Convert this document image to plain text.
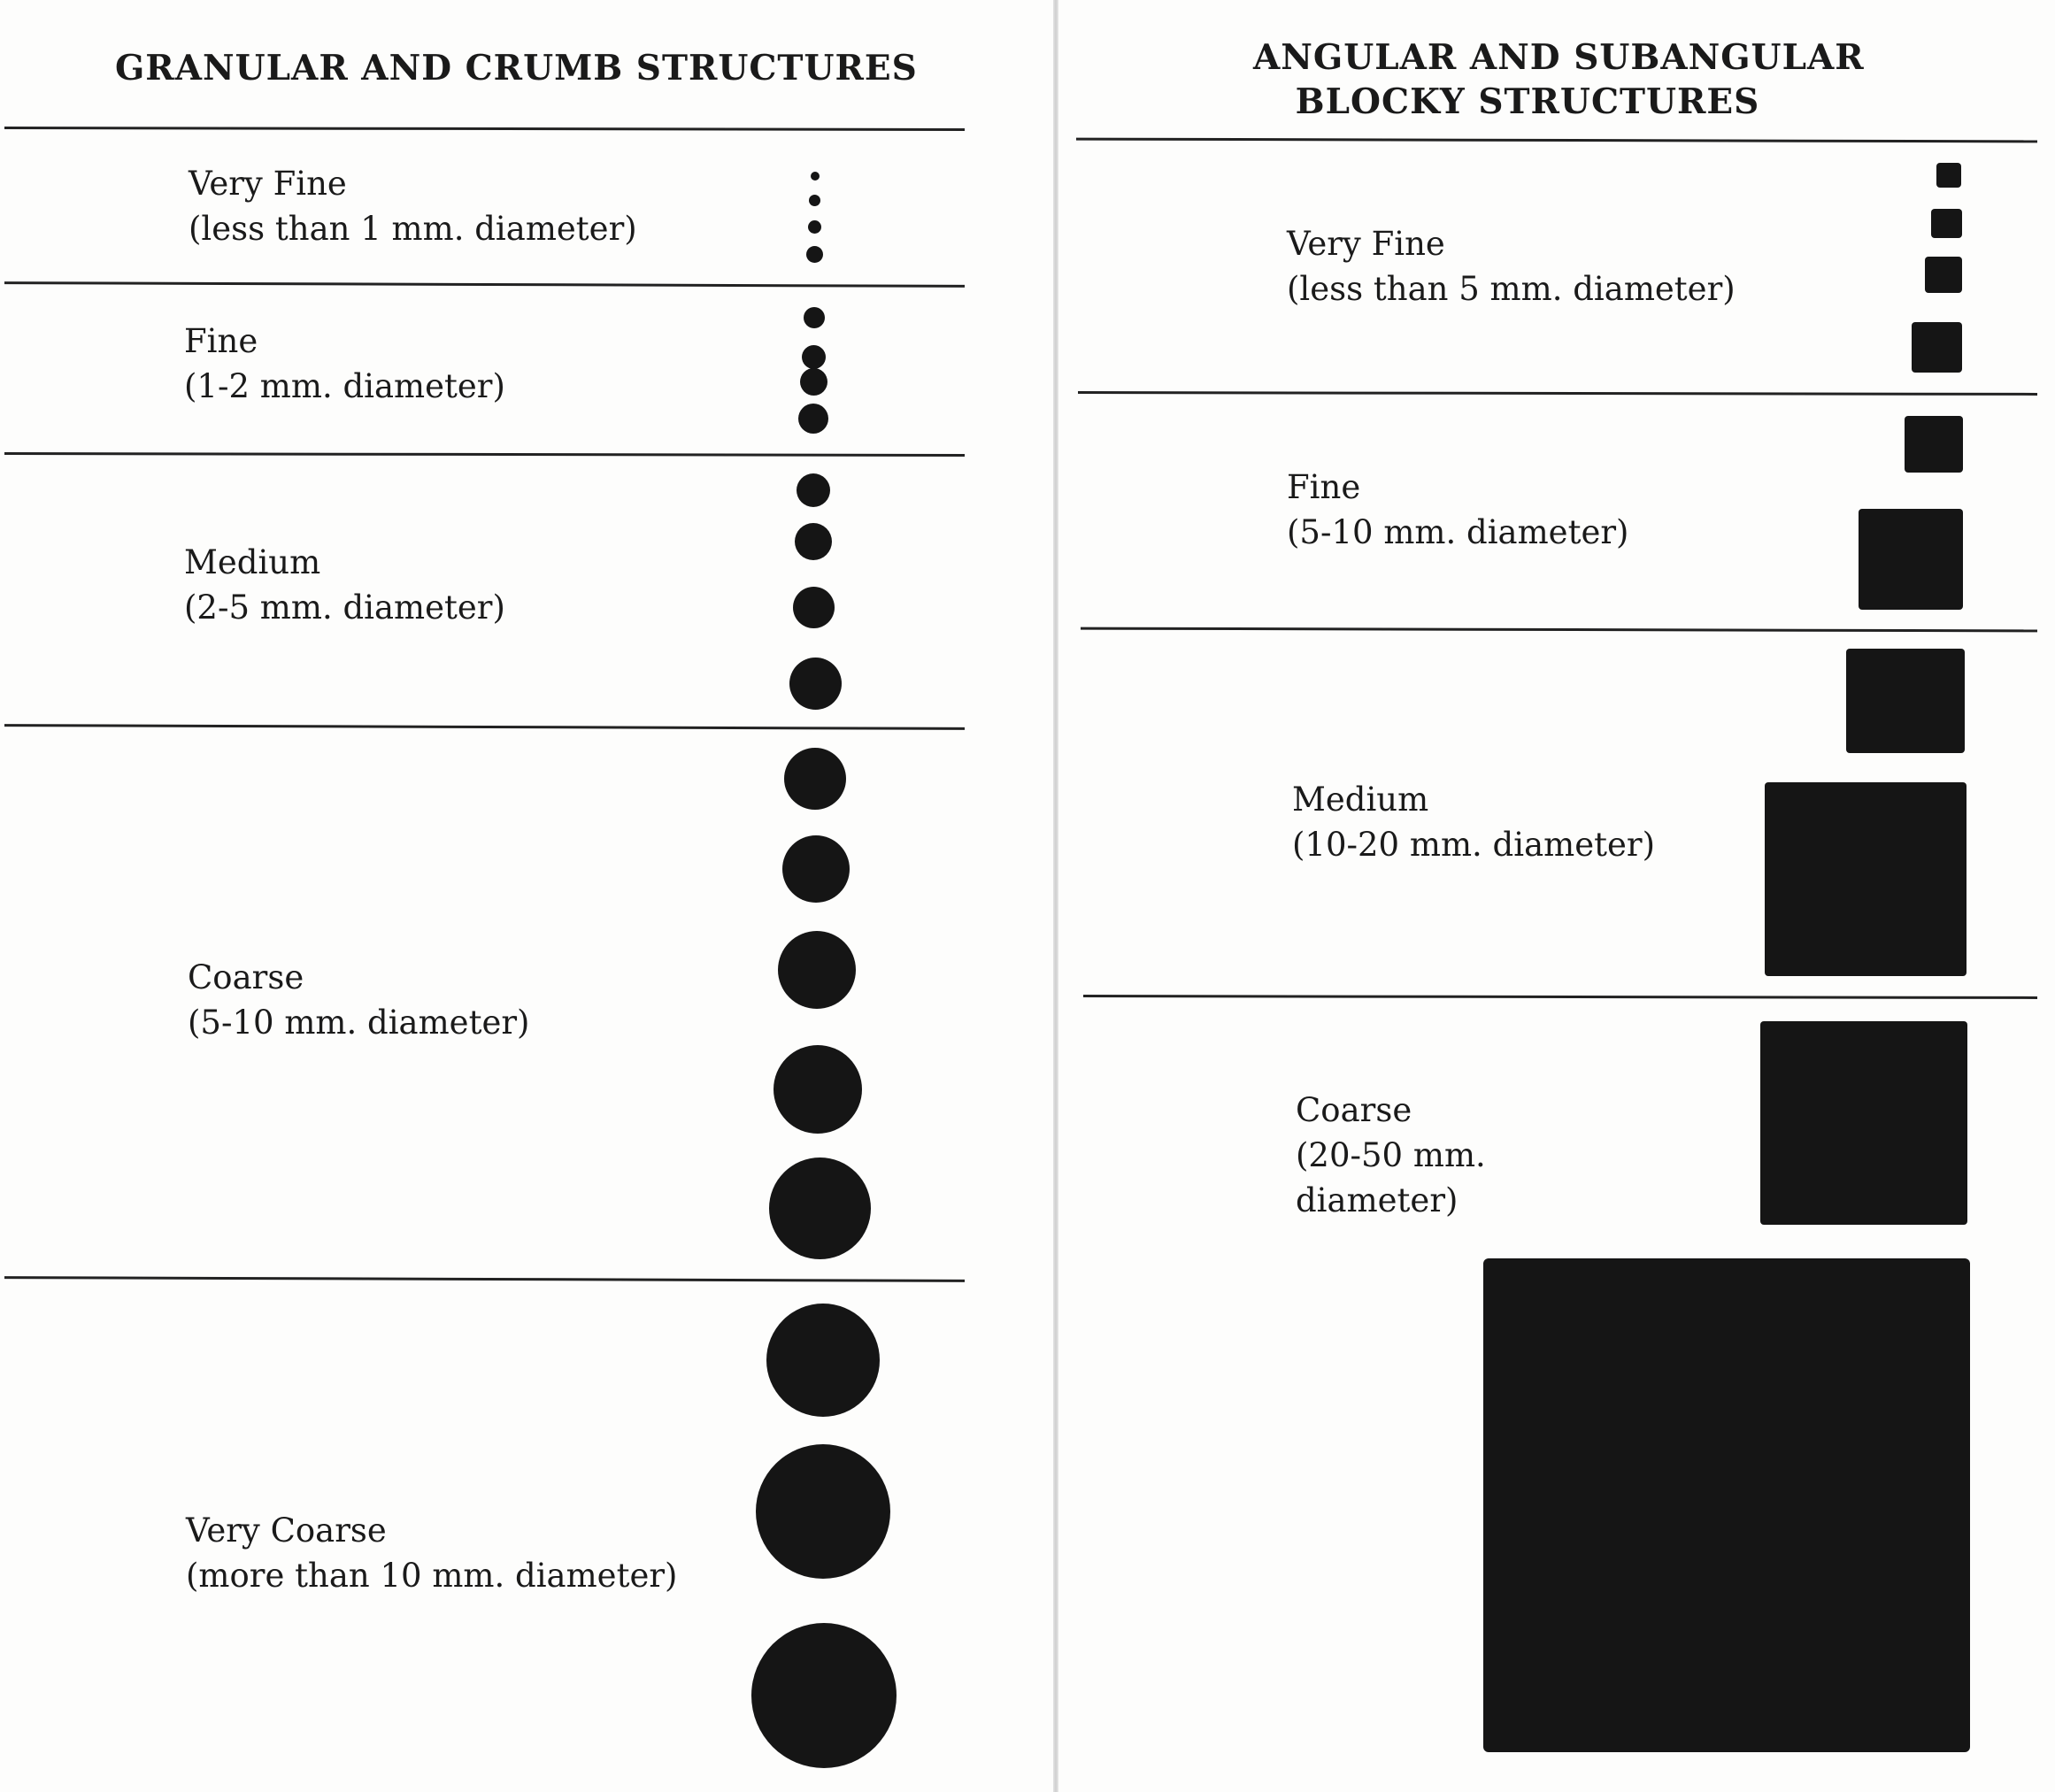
GRANULAR AND CRUMB STRUCTURES
Very Fine
(less than 1 mm. diameter)
Fine
(1-2 mm. diameter)
Medium
(2-5 mm. diameter)
Coarse
(5-10 mm. diameter)
Very Coarse
(more than 10 mm. diameter)
ANGULAR AND SUBANGULAR
BLOCKY STRUCTURES
Very Fine
(less than 5 mm. diameter)
Fine
(5-10 mm. diameter)
Medium
(10-20 mm. diameter)
Coarse
(20-50 mm.
diameter)
